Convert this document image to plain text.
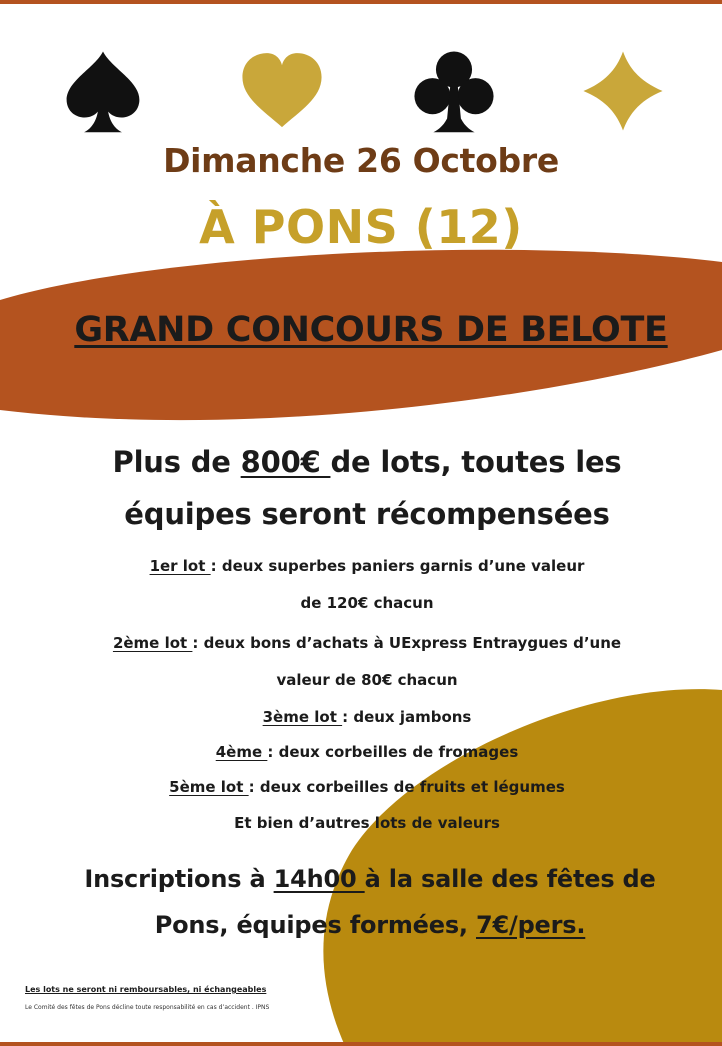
Dimanche 26 Octobre
À PONS (12)
GRAND CONCOURS DE BELOTE
Plus de 800€ de lots, toutes les
équipes seront récompensées
1er lot : deux superbes paniers garnis d’une valeur
de 120€ chacun
2ème lot : deux bons d’achats à UExpress Entraygues d’une
valeur de 80€ chacun
3ème lot : deux jambons
4ème : deux corbeilles de fromages
5ème lot : deux corbeilles de fruits et légumes
Et bien d’autres lots de valeurs
Inscriptions à 14h00 à la salle des fêtes de
Pons, équipes formées, 7€/pers.
Les lots ne seront ni remboursables, ni échangeables
Le Comité des fêtes de Pons décline toute responsabilité en cas d’accident . IPNS
